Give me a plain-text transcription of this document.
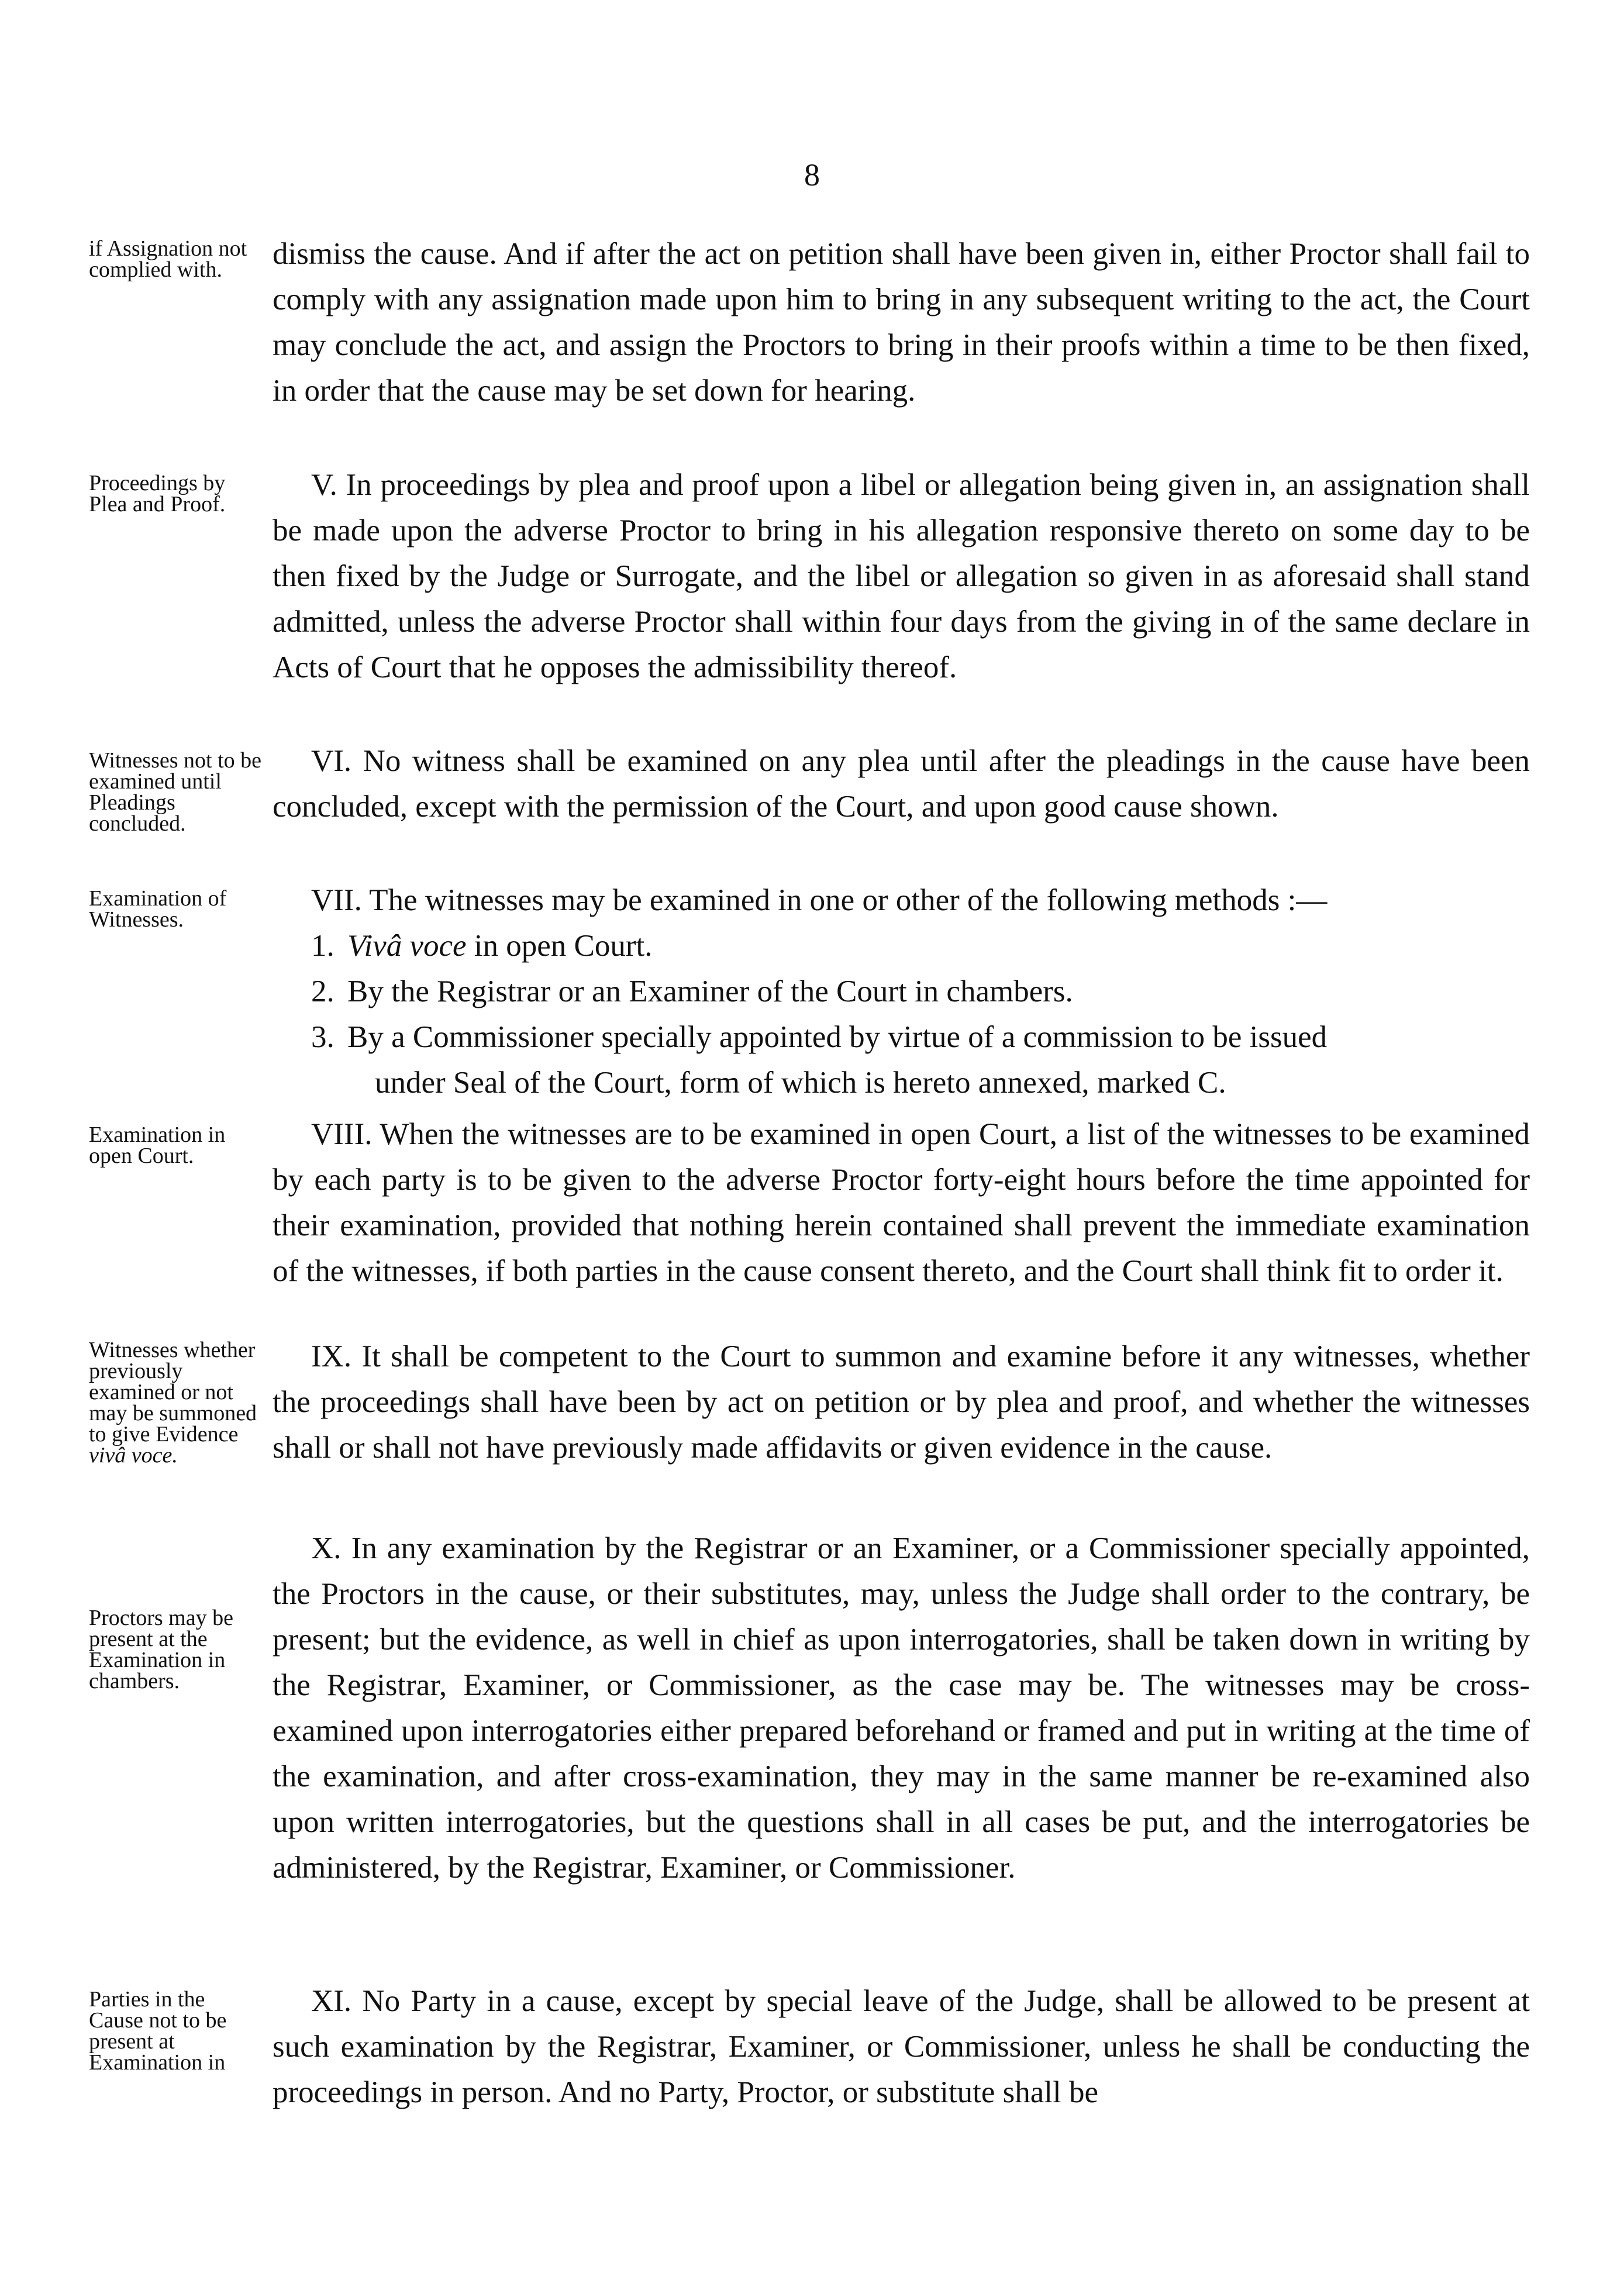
8
if Assignation not complied with.	dismiss the cause. And if after the act on petition shall have been given in, either Proctor shall fail to comply with any assignation made upon him to bring in any subsequent writing to the act, the Court may conclude the act, and assign the Proctors to bring in their proofs within a time to be then fixed, in order that the cause may be set down for hearing.

Proceedings by Plea and Proof.

V. In proceedings by plea and proof upon a libel or allegation being given in, an assignation shall be made upon the adverse Proctor to bring in his allegation responsive thereto on some day to be then fixed by the Judge or Surrogate, and the libel or allegation so given in as aforesaid shall stand admitted, unless the adverse Proctor shall within four days from the giving in of the same declare in Acts of Court that he opposes the admissibility thereof.

Witnesses not to be examined until Pleadings concluded.

VI. No witness shall be examined on any plea until after the pleadings in the cause have been concluded, except with the permission of the Court, and upon good cause shown.

Examination of Witnesses.

VII. The witnesses may be examined in one or other of the following methods :—

1. Vivâ voce in open Court.
2. By the Registrar or an Examiner of the Court in chambers.
3. By a Commissioner specially appointed by virtue of a commission to be issued
under Seal of the Court, form of which is hereto annexed, marked C.
Examination in open Court.

VIII. When the witnesses are to be examined in open Court, a list of the witnesses to be examined by each party is to be given to the adverse Proctor forty-eight hours before the time appointed for their examination, provided that nothing herein contained shall prevent the immediate examination of the witnesses, if both parties in the cause consent thereto, and the Court shall think fit to order it.

Witnesses whether previously examined or not may be summoned to give Evidence vivâ voce.

IX. It shall be competent to the Court to summon and examine before it any witnesses, whether the proceedings shall have been by act on petition or by plea and proof, and whether the witnesses shall or shall not have previously made affidavits or given evidence in the cause.

Proctors may be present at the Examination in chambers.

X. In any examination by the Registrar or an Examiner, or a Commissioner specially appointed, the Proctors in the cause, or their substitutes, may, unless the Judge shall order to the contrary, be present; but the evidence, as well in chief as upon interrogatories, shall be taken down in writing by the Registrar, Examiner, or Commissioner, as the case may be. The witnesses may be cross-examined upon interrogatories either prepared beforehand or framed and put in writing at the time of the examination, and after cross-examination, they may in the same manner be re-examined also upon written interrogatories, but the questions shall in all cases be put, and the interrogatories be administered, by the Registrar, Examiner, or Commissioner.

Parties in the Cause not to be present at Examination in

XI. No Party in a cause, except by special leave of the Judge, shall be allowed to be present at such examination by the Registrar, Examiner, or Commissioner, unless he shall be conducting the proceedings in person. And no Party, Proctor, or substitute shall be
